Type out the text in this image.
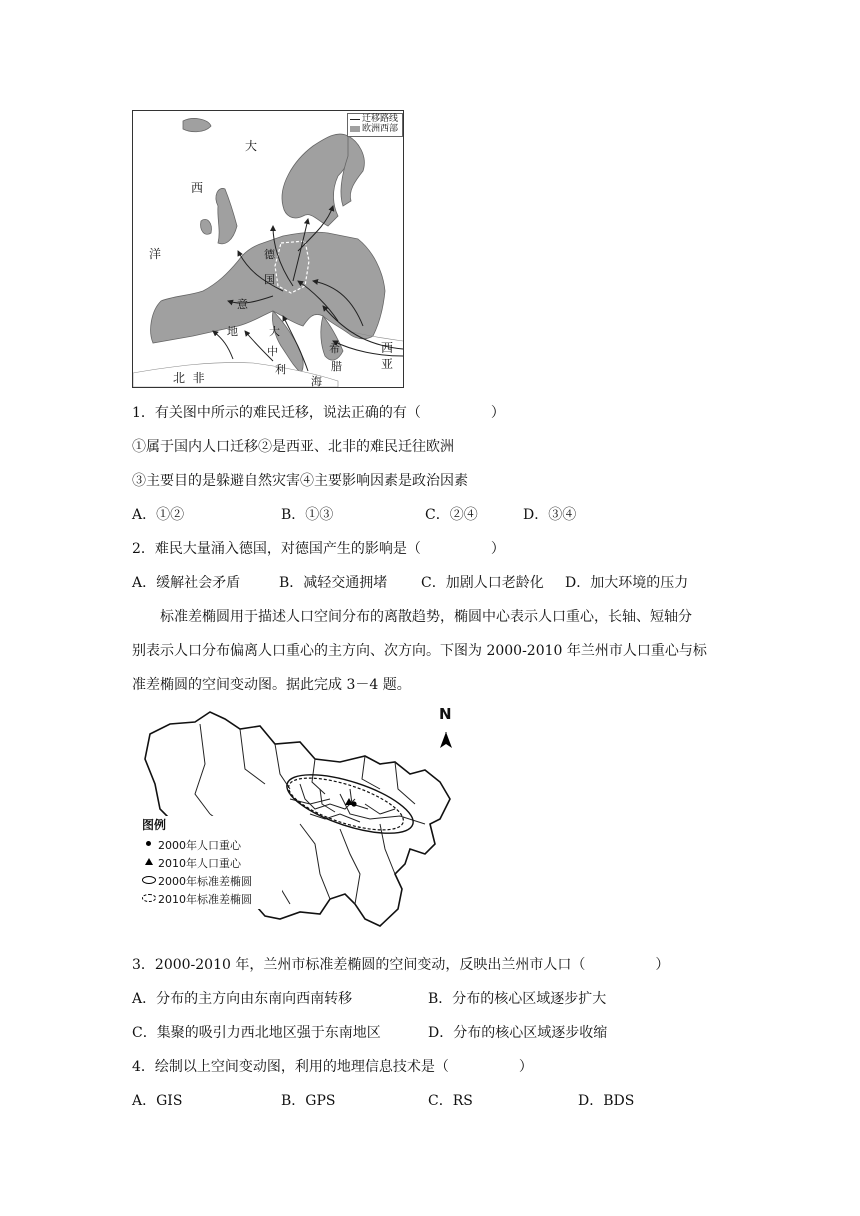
迁移路线
欧洲西部
大
西
洋	德
国
意
大
地
中
利
海
北  非
希
腊
西
亚
1．有关图中所示的难民迁移，说法正确的有（　　　　　）
①属于国内人口迁移②是西亚、北非的难民迁往欧洲
③主要目的是躲避自然灾害④主要影响因素是政治因素
A．①②	B．①③	C．②④	D．③④
2．难民大量涌入德国，对德国产生的影响是（　　　　　）
A．缓解社会矛盾	B．减轻交通拥堵 C．加剧人口老龄化 D．加大环境的压力
标准差椭圆用于描述人口空间分布的离散趋势，椭圆中心表示人口重心，长轴、短轴分
别表示人口分布偏离人口重心的主方向、次方向。下图为 2000-2010 年兰州市人口重心与标
准差椭圆的空间变动图。据此完成 3－4 题。
N
图例
2000年人口重心
2010年人口重心
2000年标准差椭圆
2010年标准差椭圆
3．2000-2010 年，兰州市标准差椭圆的空间变动，反映出兰州市人口（　　　　　）
A．分布的主方向由东南向西南转移	B．分布的核心区域逐步扩大
C．集聚的吸引力西北地区强于东南地区	D．分布的核心区域逐步收缩
4．绘制以上空间变动图，利用的地理信息技术是（　　　　　）
A．GIS	B．GPS	C．RS	D．BDS
